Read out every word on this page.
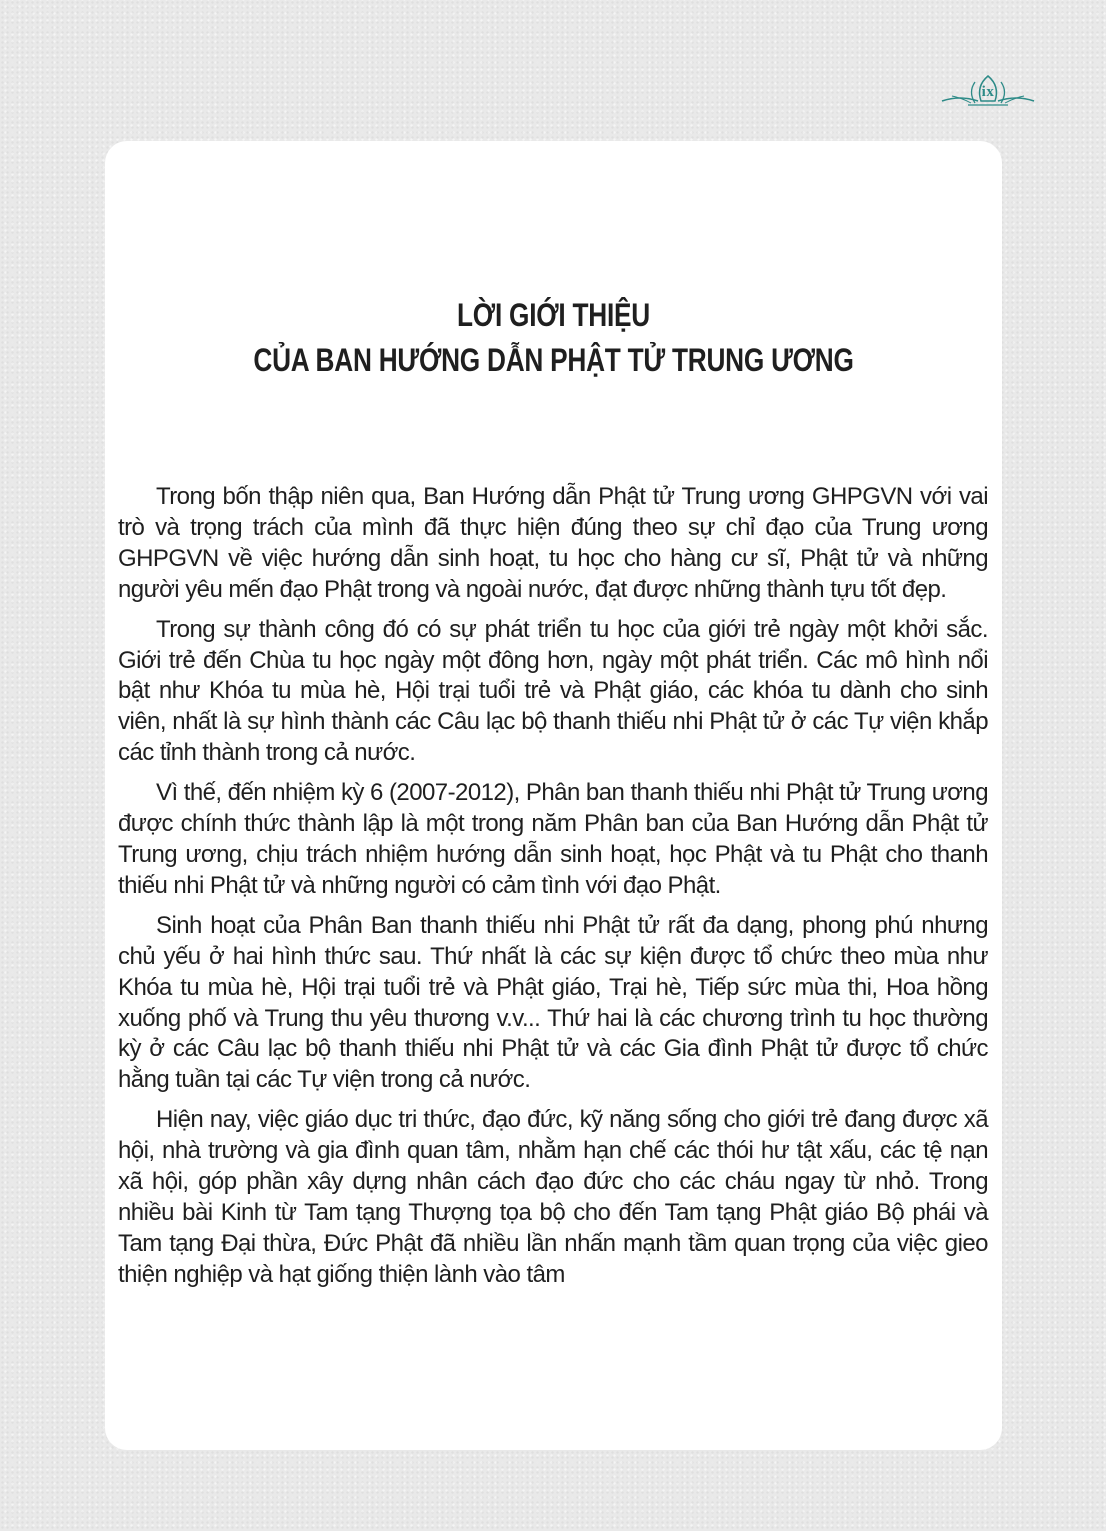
ix
LỜI GIỚI THIỆU
CỦA BAN HƯỚNG DẪN PHẬT TỬ TRUNG ƯƠNG

Trong bốn thập niên qua, Ban Hướng dẫn Phật tử Trung ương GHPGVN với vai trò và trọng trách của mình đã thực hiện đúng theo sự chỉ đạo của Trung ương GHPGVN về việc hướng dẫn sinh hoạt, tu học cho hàng cư sĩ, Phật tử và những người yêu mến đạo Phật trong và ngoài nước, đạt được những thành tựu tốt đẹp.

Trong sự thành công đó có sự phát triển tu học của giới trẻ ngày một khởi sắc. Giới trẻ đến Chùa tu học ngày một đông hơn, ngày một phát triển. Các mô hình nổi bật như Khóa tu mùa hè, Hội trại tuổi trẻ và Phật giáo, các khóa tu dành cho sinh viên, nhất là sự hình thành các Câu lạc bộ thanh thiếu nhi Phật tử ở các Tự viện khắp các tỉnh thành trong cả nước.

Vì thế, đến nhiệm kỳ 6 (2007-2012), Phân ban thanh thiếu nhi Phật tử Trung ương được chính thức thành lập là một trong năm Phân ban của Ban Hướng dẫn Phật tử Trung ương, chịu trách nhiệm hướng dẫn sinh hoạt, học Phật và tu Phật cho thanh thiếu nhi Phật tử và những người có cảm tình với đạo Phật.

Sinh hoạt của Phân Ban thanh thiếu nhi Phật tử rất đa dạng, phong phú nhưng chủ yếu ở hai hình thức sau. Thứ nhất là các sự kiện được tổ chức theo mùa như Khóa tu mùa hè, Hội trại tuổi trẻ và Phật giáo, Trại hè, Tiếp sức mùa thi, Hoa hồng xuống phố và Trung thu yêu thương v.v... Thứ hai là các chương trình tu học thường kỳ ở các Câu lạc bộ thanh thiếu nhi Phật tử và các Gia đình Phật tử được tổ chức hằng tuần tại các Tự viện trong cả nước.

Hiện nay, việc giáo dục tri thức, đạo đức, kỹ năng sống cho giới trẻ đang được xã hội, nhà trường và gia đình quan tâm, nhằm hạn chế các thói hư tật xấu, các tệ nạn xã hội, góp phần xây dựng nhân cách đạo đức cho các cháu ngay từ nhỏ. Trong nhiều bài Kinh từ Tam tạng Thượng tọa bộ cho đến Tam tạng Phật giáo Bộ phái và Tam tạng Đại thừa, Đức Phật đã nhiều lần nhấn mạnh tầm quan trọng của việc gieo thiện nghiệp và hạt giống thiện lành vào tâm
